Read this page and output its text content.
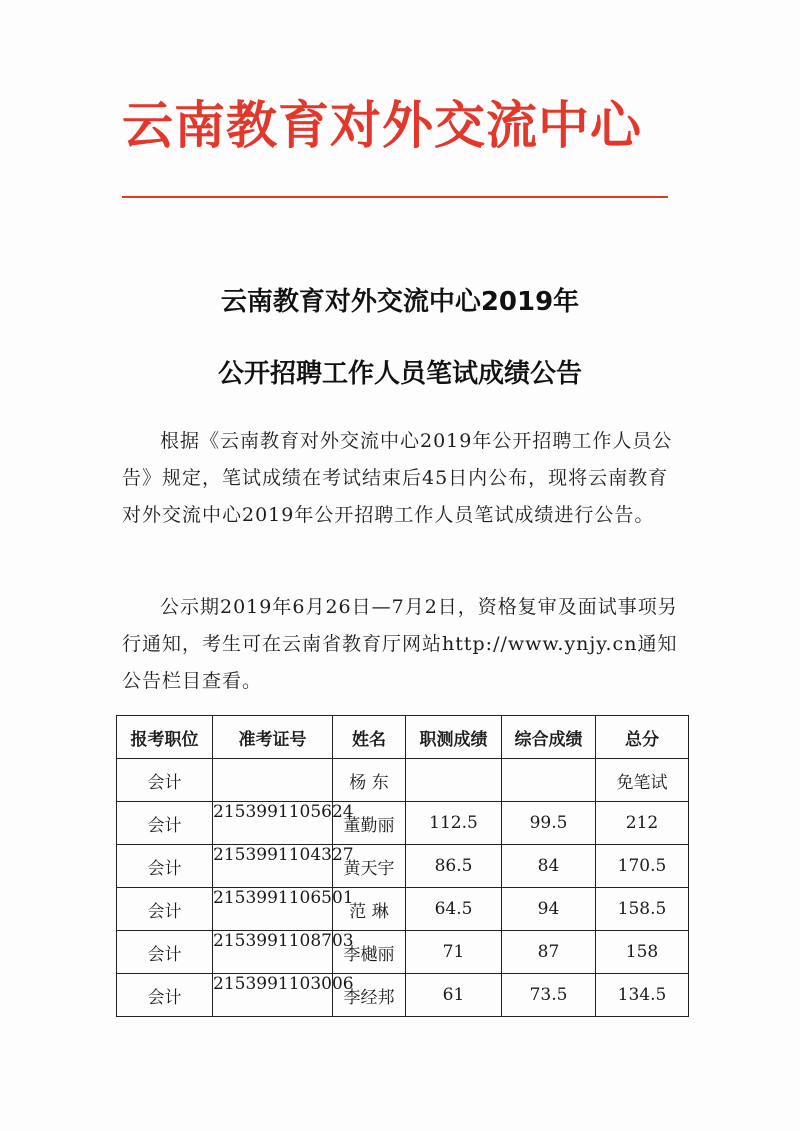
云南教育对外交流中心
云南教育对外交流中心2019年
公开招聘工作人员笔试成绩公告

根据《云南教育对外交流中心2019年公开招聘工作人员公告》规定，笔试成绩在考试结束后45日内公布，现将云南教育对外交流中心2019年公开招聘工作人员笔试成绩进行公告。

公示期2019年6月26日—7月2日，资格复审及面试事项另行通知，考生可在云南省教育厅网站http://www.ynjy.cn通知公告栏目查看。

报考职位	准考证号	姓名	职测成绩	综合成绩	总分
会计		杨 东			免笔试
会计	2153991105624	董勤丽	112.5	99.5	212
会计	2153991104327	黄天宇	86.5	84	170.5
会计	2153991106501	范 琳	64.5	94	158.5
会计	2153991108703	李樾丽	71	87	158
会计	2153991103006	李经邦	61	73.5	134.5
